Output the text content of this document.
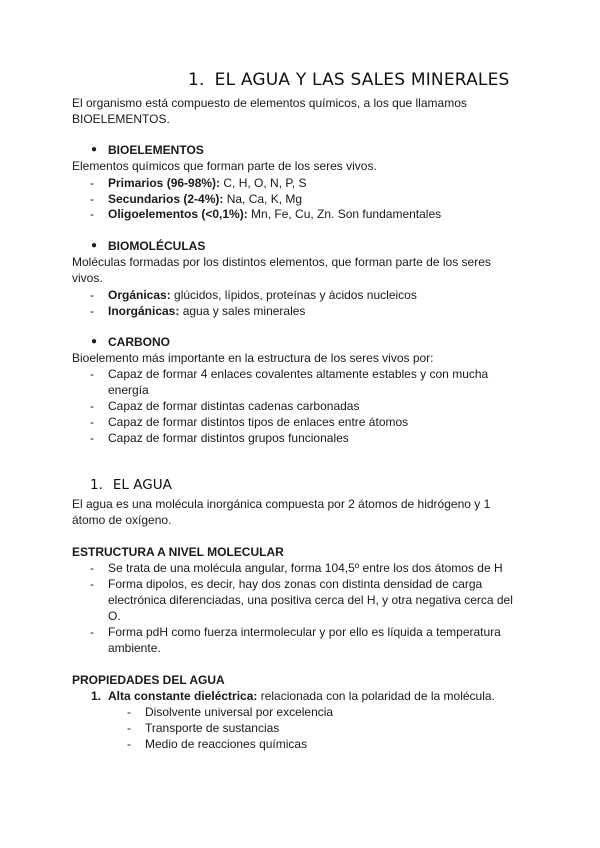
1. EL AGUA Y LAS SALES MINERALES
El organismo está compuesto de elementos químicos, a los que llamamos
BIOELEMENTOS.
● BIOELEMENTOS
Elementos químicos que forman parte de los seres vivos.
- Primarios (96-98%): C, H, O, N, P, S
- Secundarios (2-4%): Na, Ca, K, Mg
- Oligoelementos (<0,1%): Mn, Fe, Cu, Zn. Son fundamentales
● BIOMOLÉCULAS
Moléculas formadas por los distintos elementos, que forman parte de los seres
vivos.
- Orgánicas: glúcidos, lípidos, proteínas y ácidos nucleicos
- Inorgánicas: agua y sales minerales
● CARBONO
Bioelemento más importante en la estructura de los seres vivos por:
- Capaz de formar 4 enlaces covalentes altamente estables y con mucha
energía
- Capaz de formar distintas cadenas carbonadas
- Capaz de formar distintos tipos de enlaces entre átomos
- Capaz de formar distintos grupos funcionales
1. EL AGUA
El agua es una molécula inorgánica compuesta por 2 átomos de hidrógeno y 1
átomo de oxígeno.
ESTRUCTURA A NIVEL MOLECULAR
- Se trata de una molécula angular, forma 104,5º entre los dos átomos de H
- Forma dipolos, es decir, hay dos zonas con distinta densidad de carga
electrónica diferenciadas, una positiva cerca del H, y otra negativa cerca del
O.
- Forma pdH como fuerza intermolecular y por ello es líquida a temperatura
ambiente.
PROPIEDADES DEL AGUA
1. Alta constante dieléctrica: relacionada con la polaridad de la molécula.
- Disolvente universal por excelencia
- Transporte de sustancias
- Medio de reacciones químicas
